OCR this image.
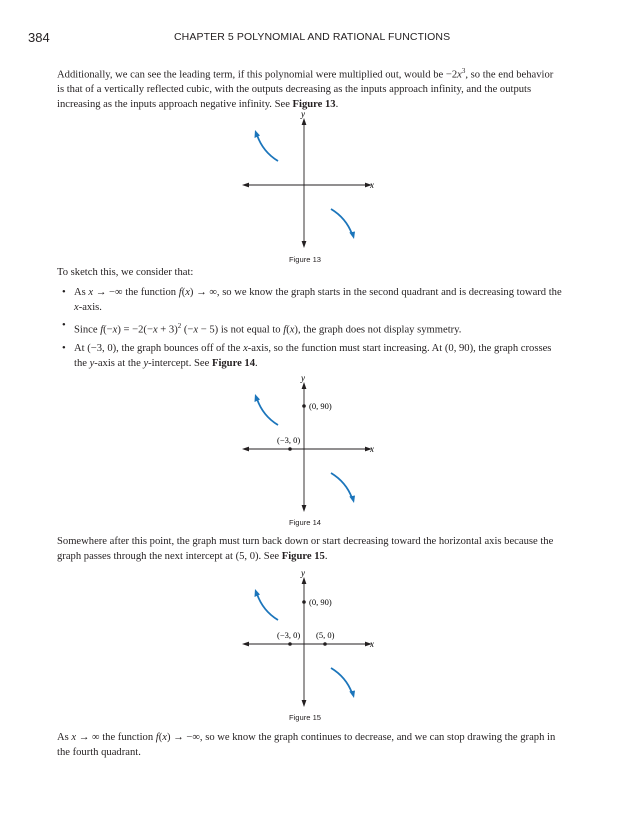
384	CHAPTER 5 POLYNOMIAL AND RATIONAL FUNCTIONS
Additionally, we can see the leading term, if this polynomial were multiplied out, would be $-2x^3$, so the end behavior is that of a vertically reflected cubic, with the outputs decreasing as the inputs approach infinity, and the outputs increasing as the inputs approach negative infinity. See Figure 13.
x
y
Figure 13
To sketch this, we consider that:
• As x → −∞ the function f(x) → ∞, so we know the graph starts in the second quadrant and is decreasing toward the x-axis.
• Since $f(-x) = -2(-x + 3)^2$ (−x − 5) is not equal to f(x), the graph does not display symmetry.
• At (−3, 0), the graph bounces off of the x-axis, so the function must start increasing. At (0, 90), the graph crosses the y-axis at the y-intercept. See Figure 14.
x
y
(0, 90)
(−3, 0)
Figure 14
Somewhere after this point, the graph must turn back down or start decreasing toward the horizontal axis because the graph passes through the next intercept at (5, 0). See Figure 15.
x
y
(0, 90)
(−3, 0) (5, 0)
Figure 15
As x → ∞ the function f(x) → −∞, so we know the graph continues to decrease, and we can stop drawing the graph in the fourth quadrant.
